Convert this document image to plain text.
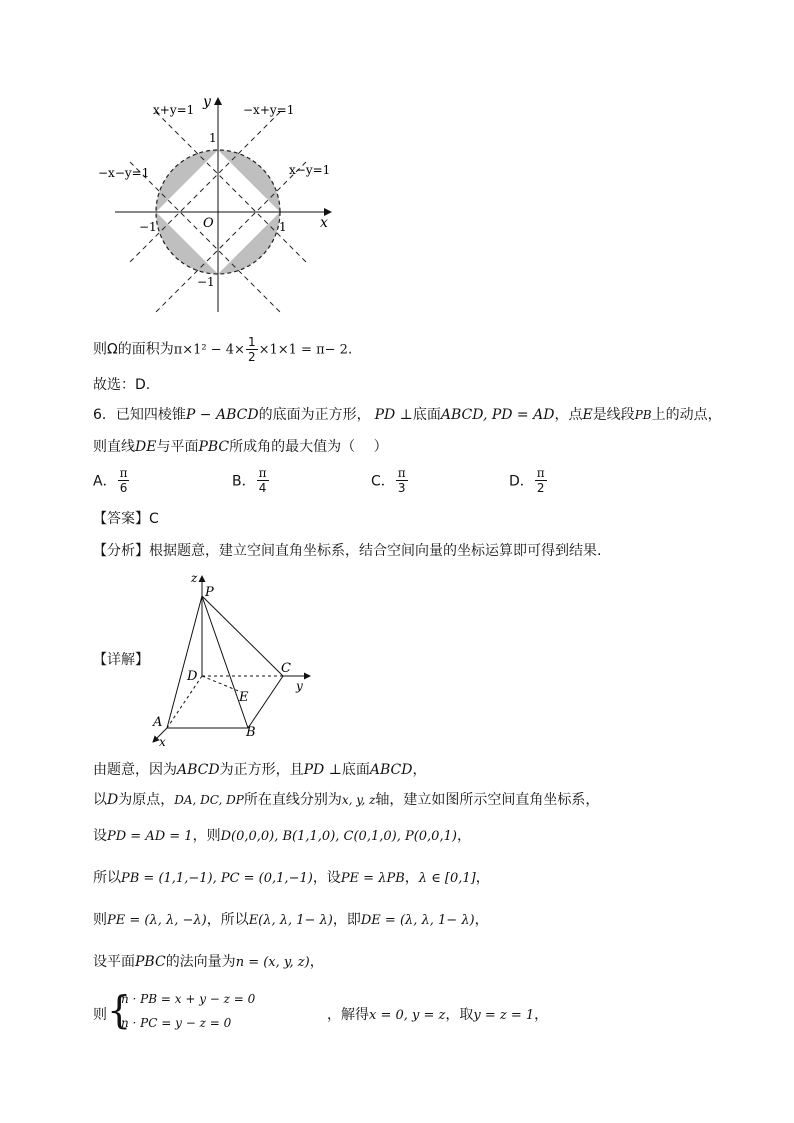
y
x
O
x+y=1	−x+y=1
−x−y=1	x−y=1
1
−1
−1	1
则Ω的面积为$\pi\times 1^2 - 4\times \frac{1}{2} \times 1\times 1 = \pi- 2$.
故选：D.
6．已知四棱锥P − ABCD的底面为正方形， PD ⊥底面ABCD, PD = AD，点E是线段PB上的动点，
则直线DE与平面PBC所成角的最大值为（　 ）
A． $\frac{\pi}{6}$	B． $\frac{\pi}{4}$	C． $\frac{\pi}{3}$	D． $\frac{\pi}{2}$
【答案】C
【分析】根据题意，建立空间直角坐标系，结合空间向量的坐标运算即可得到结果.
【详解】
z
P
C
y
D
E
A
B
x
由题意，因为ABCD为正方形，且PD ⊥底面ABCD，
以D为原点，DA, DC, DP所在直线分别为x, y, z轴，建立如图所示空间直角坐标系，
设PD = AD = 1，则D(0,0,0), B(1,1,0), C(0,1,0), P(0,0,1)，
所以PB = (1,1,−1), PC = (0,1,−1)，设PE = λPB，λ ∈ [0,1]，
则PE = (λ, λ, −λ)，所以E(λ, λ, 1− λ)，即DE = (λ, λ, 1− λ)，
设平面PBC的法向量为n = (x, y, z)，
则 {
n · PB = x + y − z = 0
n · PC = y − z = 0	，解得x = 0, y = z，取y = z = 1，
